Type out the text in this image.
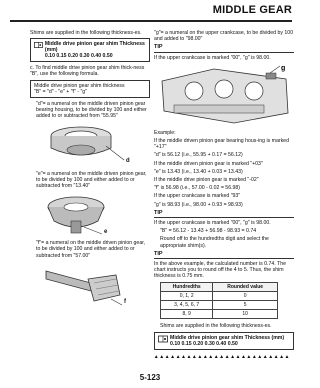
MIDDLE GEAR

Shims are supplied in the following thickness-es.

Middle drive pinion gear shim Thickness (mm)
0.10 0.15 0.20 0.30 0.40 0.50

c. To find middle drive pinion gear shim thick-ness "B", use the following formula.

Middle drive pinion gear shim thickness
"B" = "d" - "e" + "f" - "g"

"d"= a numeral on the middle driven pinion gear bearing housing, to be divided by 100 and either added to or subtracted from "55.95"

d

"e"= a numeral on the middle driven pinion gear, to be divided by 100 and either added to or subtracted from "13.40"

e

"f"= a numeral on the middle driven pinion gear, to be divided by 100 and either added to or subtracted from "57.00"

f

"g"= a numeral on the upper crankcase, to be divided by 100 and added to "98.00"

TIP

If the upper crankcase is marked "00", "g" is 98.00.

g

Example:

If the middle driven pinion gear bearing hous-ing is marked "+17"

"d" is 56.12 (i.e., 55.95 + 0.17 = 56.12)

If the middle driven pinion gear is marked "+03"

"e" is 13.43 (i.e., 13.40 + 0.03 = 13.43)

If the middle drive pinion gear is marked "-02"

"f" is 56.98 (i.e., 57.00 - 0.02 = 56.98)

If the upper crankcase is marked "93"

"g" is 98.93 (i.e., 98.00 + 0.93 = 98.93)

TIP

If the upper crankcase is marked "00", "g" is 98.00.

"B" = 56.12 - 13.43 + 56.98 - 98.93 = 0.74

Round off to the hundredths digit and select the appropriate shim(s).

TIP

In the above example, the calculated number is 0.74. The chart instructs you to round off the 4 to 5. Thus, the shim thickness is 0.75 mm.

Hundredths	Rounded value
0, 1, 2	0
3, 4, 5, 6, 7	5
8, 9	10

Shims are supplied in the following thickness-es.

Middle drive pinion gear shim Thickness (mm)
0.10 0.15 0.20 0.30 0.40 0.50
▲▲▲▲▲▲▲▲▲▲▲▲▲▲▲▲▲▲▲▲▲▲▲▲▲
5-123
